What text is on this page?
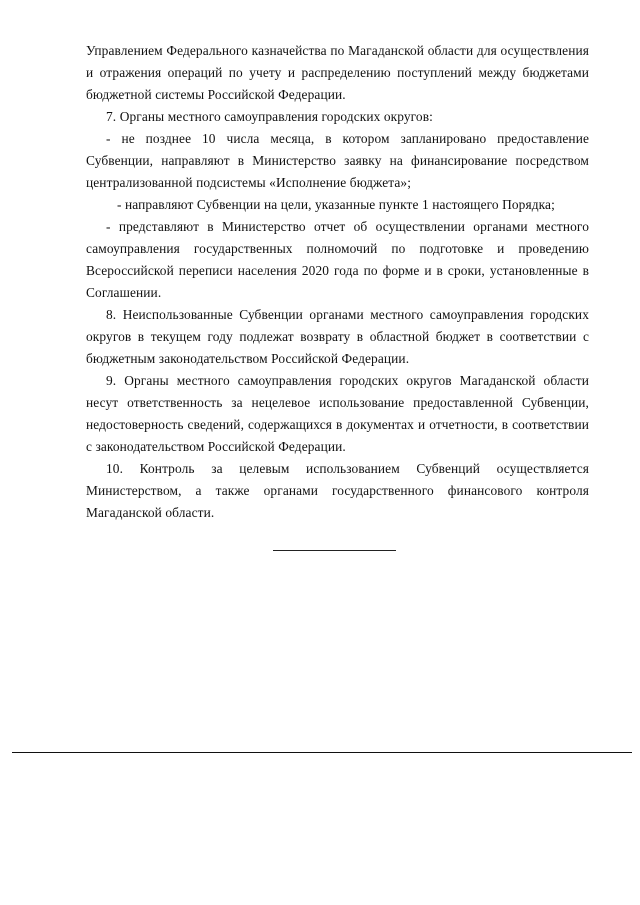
Управлением Федерального казначейства по Магаданской области для осуществления и отражения операций по учету и распределению поступлений между бюджетами бюджетной системы Российской Федерации.

7. Органы местного самоуправления городских округов:

- не позднее 10 числа месяца, в котором запланировано предоставление Субвенции, направляют в Министерство заявку на финансирование посредством централизованной подсистемы «Исполнение бюджета»;

- направляют Субвенции на цели, указанные пункте 1 настоящего Порядка;

- представляют в Министерство отчет об осуществлении органами местного самоуправления государственных полномочий по подготовке и проведению Всероссийской переписи населения 2020 года по форме и в сроки, установленные в Соглашении.

8. Неиспользованные Субвенции органами местного самоуправления городских округов в текущем году подлежат возврату в областной бюджет в соответствии с бюджетным законодательством Российской Федерации.

9. Органы местного самоуправления городских округов Магаданской области несут ответственность за нецелевое использование предоставленной Субвенции, недостоверность сведений, содержащихся в документах и отчетности, в соответствии с законодательством Российской Федерации.

10. Контроль за целевым использованием Субвенций осуществляется Министерством, а также органами государственного финансового контроля Магаданской области.
